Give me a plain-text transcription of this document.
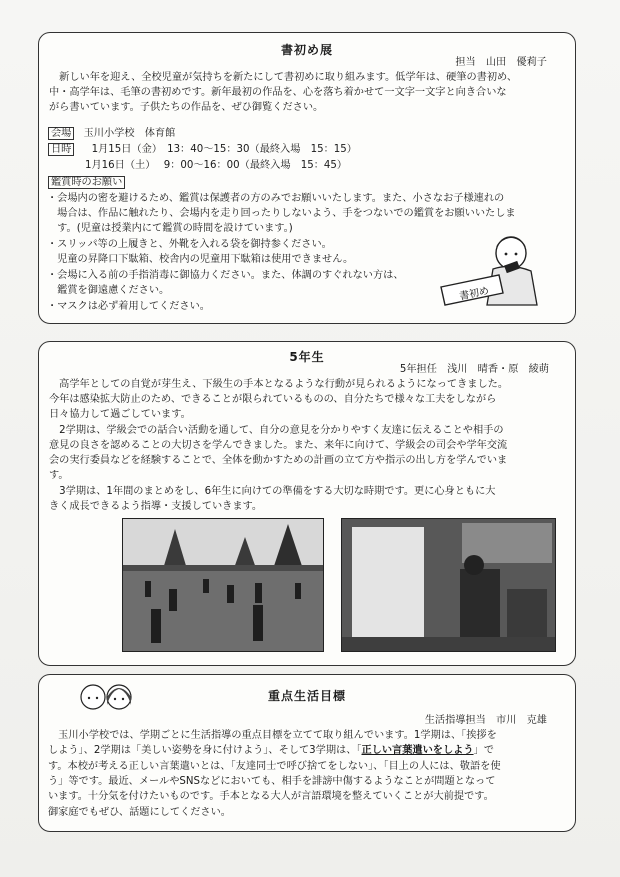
書初め展
担当　山田　優莉子
　新しい年を迎え、全校児童が気持ちを新たにして書初めに取り組みます。低学年は、硬筆の書初め、
中・高学年は、毛筆の書初めです。新年最初の作品を、心を落ち着かせて一文字一文字と向き合いな
がら書いています。子供たちの作品を、ぜひ御覧ください。
会場 玉川小学校　体育館
日時 1月15日（金）　13：40～15：30（最終入場　15：15）
1月16日（土）　 9：00～16：00（最終入場　15：45）
鑑賞時のお願い
・会場内の密を避けるため、鑑賞は保護者の方のみでお願いいたします。また、小さなお子様連れの
　場合は、作品に触れたり、会場内を走り回ったりしないよう、手をつないでの鑑賞をお願いいたしま
　す。(児童は授業内にて鑑賞の時間を設けています。)
・スリッパ等の上履きと、外靴を入れる袋を御持参ください。
　児童の昇降口下駄箱、校舎内の児童用下駄箱は使用できません。
・会場に入る前の手指消毒に御協力ください。また、体調のすぐれない方は、
　鑑賞を御遠慮ください。
・マスクは必ず着用してください。
書初め
5年生
5年担任　浅川　晴香・原　綾萌
　高学年としての自覚が芽生え、下級生の手本となるような行動が見られるようになってきました。
今年は感染拡大防止のため、できることが限られているものの、自分たちで様々な工夫をしながら
日々協力して過ごしています。
　2学期は、学級会での話合い活動を通して、自分の意見を分かりやすく友達に伝えることや相手の
意見の良さを認めることの大切さを学んできました。また、来年に向けて、学級会の司会や学年交流
会の実行委員などを経験することで、全体を動かすための計画の立て方や指示の出し方を学んでいま
す。
　3学期は、1年間のまとめをし、6年生に向けての準備をする大切な時期です。更に心身ともに大
きく成長できるよう指導・支援していきます。
重点生活目標
生活指導担当　市川　克雄
　玉川小学校では、学期ごとに生活指導の重点目標を立てて取り組んでいます。1学期は、「挨拶を
しよう」、2学期は「美しい姿勢を身に付けよう」、そして3学期は、「正しい言葉遣いをしよう」で
す。本校が考える正しい言葉遣いとは、「友達同士で呼び捨てをしない」、「目上の人には、敬語を使
う」等です。最近、メールやSNSなどにおいても、相手を誹謗中傷するようなことが問題となって
います。十分気を付けたいものです。手本となる大人が言語環境を整えていくことが大前提です。
御家庭でもぜひ、話題にしてください。
